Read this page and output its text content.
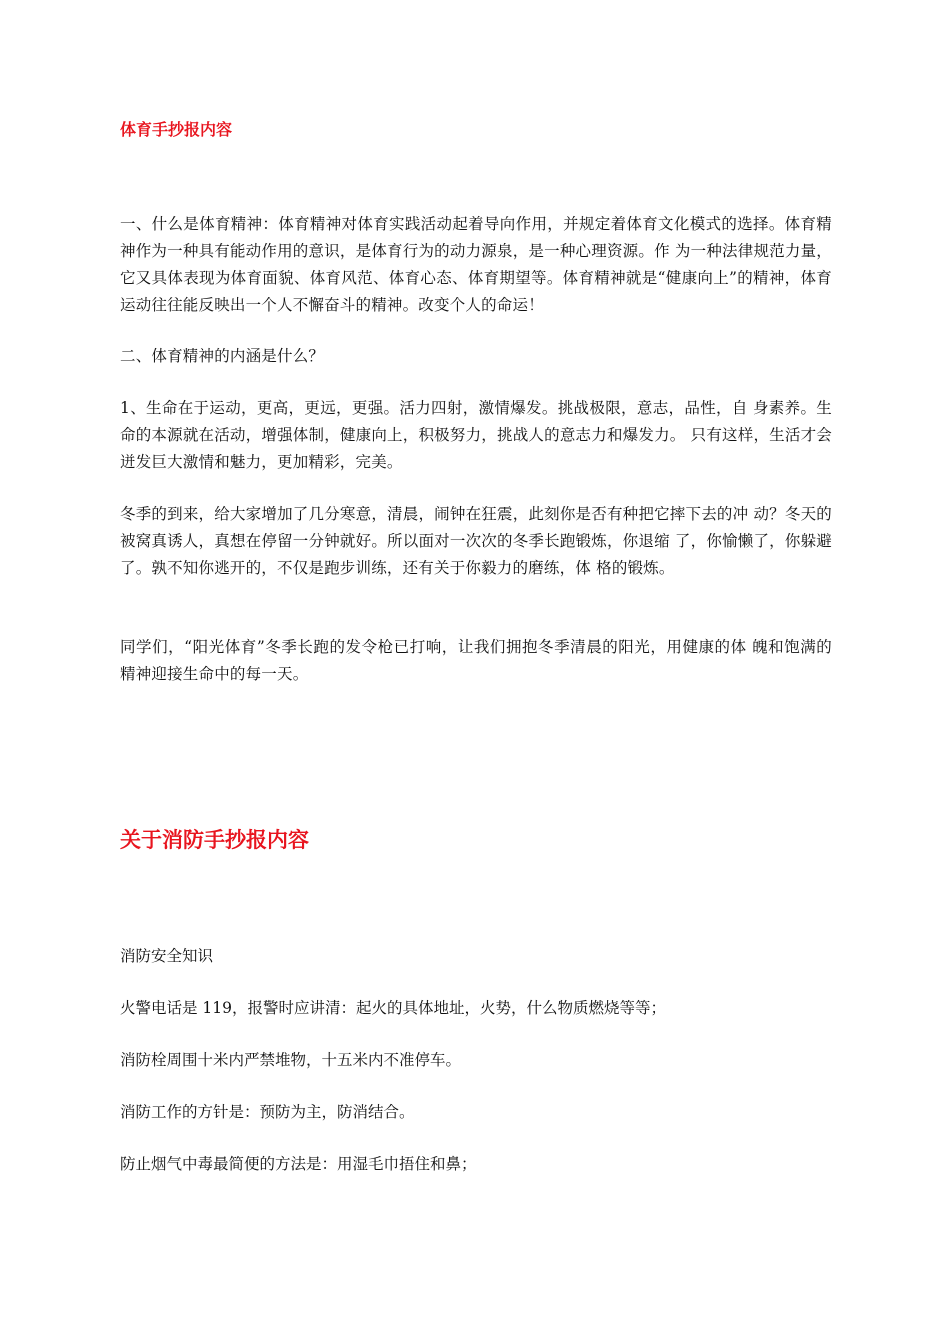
体育手抄报内容

一、什么是体育精神：体育精神对体育实践活动起着导向作用，并规定着体育文化模式的选择。体育精神作为一种具有能动作用的意识，是体育行为的动力源泉，是一种心理资源。作 为一种法律规范力量，它又具体表现为体育面貌、体育风范、体育心态、体育期望等。体育精神就是“健康向上”的精神，体育运动往往能反映出一个人不懈奋斗的精神。改变个人的命运！

二、体育精神的内涵是什么？

1、生命在于运动，更高，更远，更强。活力四射，激情爆发。挑战极限，意志，品性，自 身素养。生命的本源就在活动，增强体制，健康向上，积极努力，挑战人的意志力和爆发力。 只有这样，生活才会迸发巨大激情和魅力，更加精彩，完美。

冬季的到来，给大家增加了几分寒意，清晨，闹钟在狂震，此刻你是否有种把它摔下去的冲 动？冬天的被窝真诱人，真想在停留一分钟就好。所以面对一次次的冬季长跑锻炼，你退缩 了，你愉懒了，你躲避了。孰不知你逃开的，不仅是跑步训练，还有关于你毅力的磨练，体 格的锻炼。

同学们，“阳光体育”冬季长跑的发令枪已打响，让我们拥抱冬季清晨的阳光，用健康的体 魄和饱满的精神迎接生命中的每一天。

关于消防手抄报内容

消防安全知识

火警电话是 119，报警时应讲清：起火的具体地址，火势，什么物质燃烧等等；

消防栓周围十米内严禁堆物，十五米内不准停车。

消防工作的方针是：预防为主，防消结合。

防止烟气中毒最简便的方法是：用湿毛巾捂住和鼻；
